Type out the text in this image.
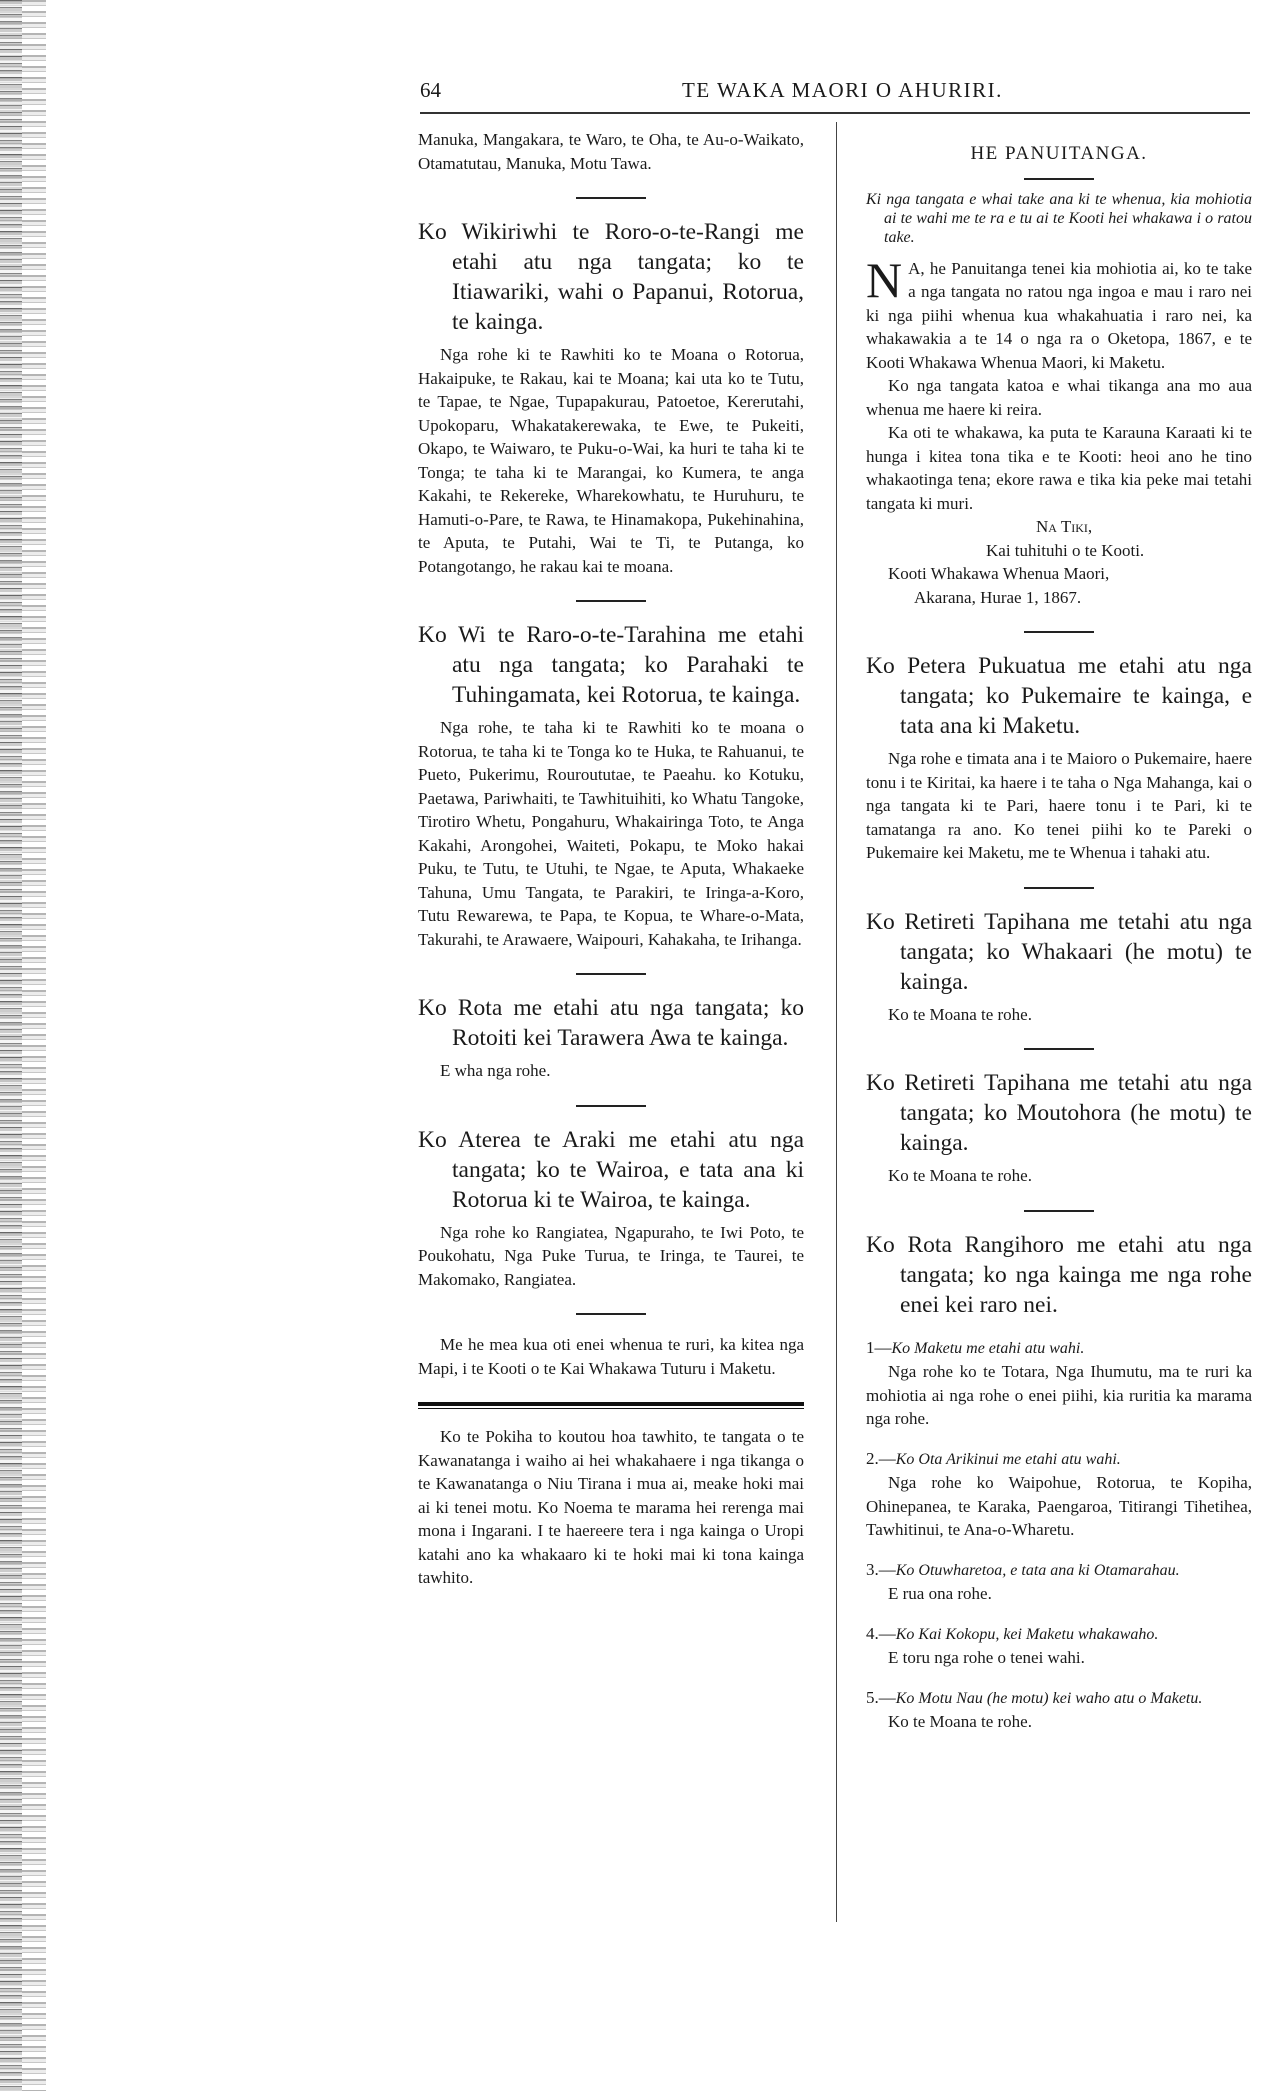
64	TE WAKA MAORI O AHURIRI.

Manuka, Mangakara, te Waro, te Oha, te Au-o-Waikato, Otamatutau, Manuka, Motu Tawa.

Ko Wikiriwhi te Roro-o-te-Rangi me etahi atu nga tangata; ko te Itiawariki, wahi o Papanui, Rotorua, te kainga.

Nga rohe ki te Rawhiti ko te Moana o Rotorua, Hakaipuke, te Rakau, kai te Moana; kai uta ko te Tutu, te Tapae, te Ngae, Tupapakurau, Patoetoe, Kererutahi, Upokoparu, Whakatakerewaka, te Ewe, te Pukeiti, Okapo, te Waiwaro, te Puku-o-Wai, ka huri te taha ki te Tonga; te taha ki te Marangai, ko Kumera, te anga Kakahi, te Rekereke, Wharekowhatu, te Huruhuru, te Hamuti-o-Pare, te Rawa, te Hinamakopa, Pukehinahina, te Aputa, te Putahi, Wai te Ti, te Putanga, ko Potangotango, he rakau kai te moana.

Ko Wi te Raro-o-te-Tarahina me etahi atu nga tangata; ko Parahaki te Tuhingamata, kei Rotorua, te kainga.

Nga rohe, te taha ki te Rawhiti ko te moana o Rotorua, te taha ki te Tonga ko te Huka, te Rahuanui, te Pueto, Pukerimu, Rouroututae, te Paeahu. ko Kotuku, Paetawa, Pariwhaiti, te Tawhituihiti, ko Whatu Tangoke, Tirotiro Whetu, Pongahuru, Whakairinga Toto, te Anga Kakahi, Arongohei, Waiteti, Pokapu, te Moko hakai Puku, te Tutu, te Utuhi, te Ngae, te Aputa, Whakaeke Tahuna, Umu Tangata, te Parakiri, te Iringa-a-Koro, Tutu Rewarewa, te Papa, te Kopua, te Whare-o-Mata, Takurahi, te Arawaere, Waipouri, Kahakaha, te Irihanga.

Ko Rota me etahi atu nga tangata; ko Rotoiti kei Tarawera Awa te kainga.

E wha nga rohe.

Ko Aterea te Araki me etahi atu nga tangata; ko te Wairoa, e tata ana ki Rotorua ki te Wairoa, te kainga.

Nga rohe ko Rangiatea, Ngapuraho, te Iwi Poto, te Poukohatu, Nga Puke Turua, te Iringa, te Taurei, te Makomako, Rangiatea.

Me he mea kua oti enei whenua te ruri, ka kitea nga Mapi, i te Kooti o te Kai Whakawa Tuturu i Maketu.

Ko te Pokiha to koutou hoa tawhito, te tangata o te Kawanatanga i waiho ai hei whakahaere i nga tikanga o te Kawanatanga o Niu Tirana i mua ai, meake hoki mai ai ki tenei motu. Ko Noema te marama hei rerenga mai mona i Ingarani. I te haereere tera i nga kainga o Uropi katahi ano ka whakaaro ki te hoki mai ki tona kainga tawhito.

HE PANUITANGA.

Ki nga tangata e whai take ana ki te whenua, kia mohiotia ai te wahi me te ra e tu ai te Kooti hei whakawa i o ratou take.

N A, he Panuitanga tenei kia mohiotia ai, ko te take a nga tangata no ratou nga ingoa e mau i raro nei ki nga piihi whenua kua whakahuatia i raro nei, ka whakawakia a te 14 o nga ra o Oketopa, 1867, e te Kooti Whakawa Whenua Maori, ki Maketu.

Ko nga tangata katoa e whai tikanga ana mo aua whenua me haere ki reira.

Ka oti te whakawa, ka puta te Karauna Karaati ki te hunga i kitea tona tika e te Kooti: heoi ano he tino whakaotinga tena; ekore rawa e tika kia peke mai tetahi tangata ki muri.

Na Tiki,

Kai tuhituhi o te Kooti.

Kooti Whakawa Whenua Maori,

Akarana, Hurae 1, 1867.

Ko Petera Pukuatua me etahi atu nga tangata; ko Pukemaire te kainga, e tata ana ki Maketu.

Nga rohe e timata ana i te Maioro o Pukemaire, haere tonu i te Kiritai, ka haere i te taha o Nga Mahanga, kai o nga tangata ki te Pari, haere tonu i te Pari, ki te tamatanga ra ano. Ko tenei piihi ko te Pareki o Pukemaire kei Maketu, me te Whenua i tahaki atu.

Ko Retireti Tapihana me tetahi atu nga tangata; ko Whakaari (he motu) te kainga.

Ko te Moana te rohe.

Ko Retireti Tapihana me tetahi atu nga tangata; ko Moutohora (he motu) te kainga.

Ko te Moana te rohe.

Ko Rota Rangihoro me etahi atu nga tangata; ko nga kainga me nga rohe enei kei raro nei.

1—Ko Maketu me etahi atu wahi.

Nga rohe ko te Totara, Nga Ihumutu, ma te ruri ka mohiotia ai nga rohe o enei piihi, kia ruritia ka marama nga rohe.

2.—Ko Ota Arikinui me etahi atu wahi.

Nga rohe ko Waipohue, Rotorua, te Kopiha, Ohinepanea, te Karaka, Paengaroa, Titirangi Tihetihea, Tawhitinui, te Ana-o-Wharetu.

3.—Ko Otuwharetoa, e tata ana ki Otamarahau.

E rua ona rohe.

4.—Ko Kai Kokopu, kei Maketu whakawaho.

E toru nga rohe o tenei wahi.

5.—Ko Motu Nau (he motu) kei waho atu o Maketu.

Ko te Moana te rohe.
